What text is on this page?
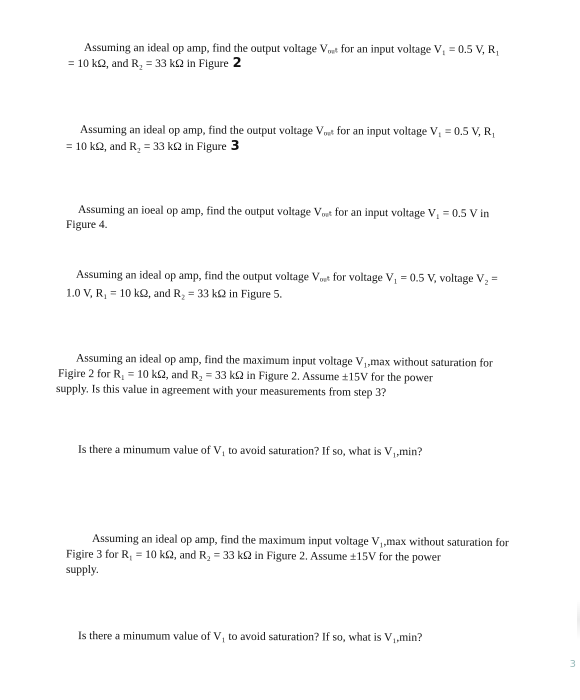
Assuming an ideal op amp, find the output voltage Vₒᵤₜ for an input voltage V₁ = 0.5 V, R₁
= 10 kΩ, and R₂ = 33 kΩ in Figure 2
Assuming an ideal op amp, find the output voltage Vₒᵤₜ for an input voltage V₁ = 0.5 V, R₁
= 10 kΩ, and R₂ = 33 kΩ in Figure 3
Assuming an ioeal op amp, find the output voltage Vₒᵤₜ for an input voltage V₁ = 0.5 V in
Figure 4.
Assuming an ideal op amp, find the output voltage Vₒᵤₜ for voltage V₁ = 0.5 V, voltage V₂ =
1.0 V, R₁ = 10 kΩ, and R₂ = 33 kΩ in Figure 5.
Assuming an ideal op amp, find the maximum input voltage V₁,max without saturation for
Figire 2 for R₁ = 10 kΩ, and R₂ = 33 kΩ in Figure 2. Assume ±15V for the power
supply. Is this value in agreement with your measurements from step 3?
Is there a minumum value of V₁ to avoid saturation? If so, what is V₁,min?
Assuming an ideal op amp, find the maximum input voltage V₁,max without saturation for
Figire 3 for R₁ = 10 kΩ, and R₂ = 33 kΩ in Figure 2. Assume ±15V for the power
supply.
Is there a minumum value of V₁ to avoid saturation? If so, what is V₁,min?
3
